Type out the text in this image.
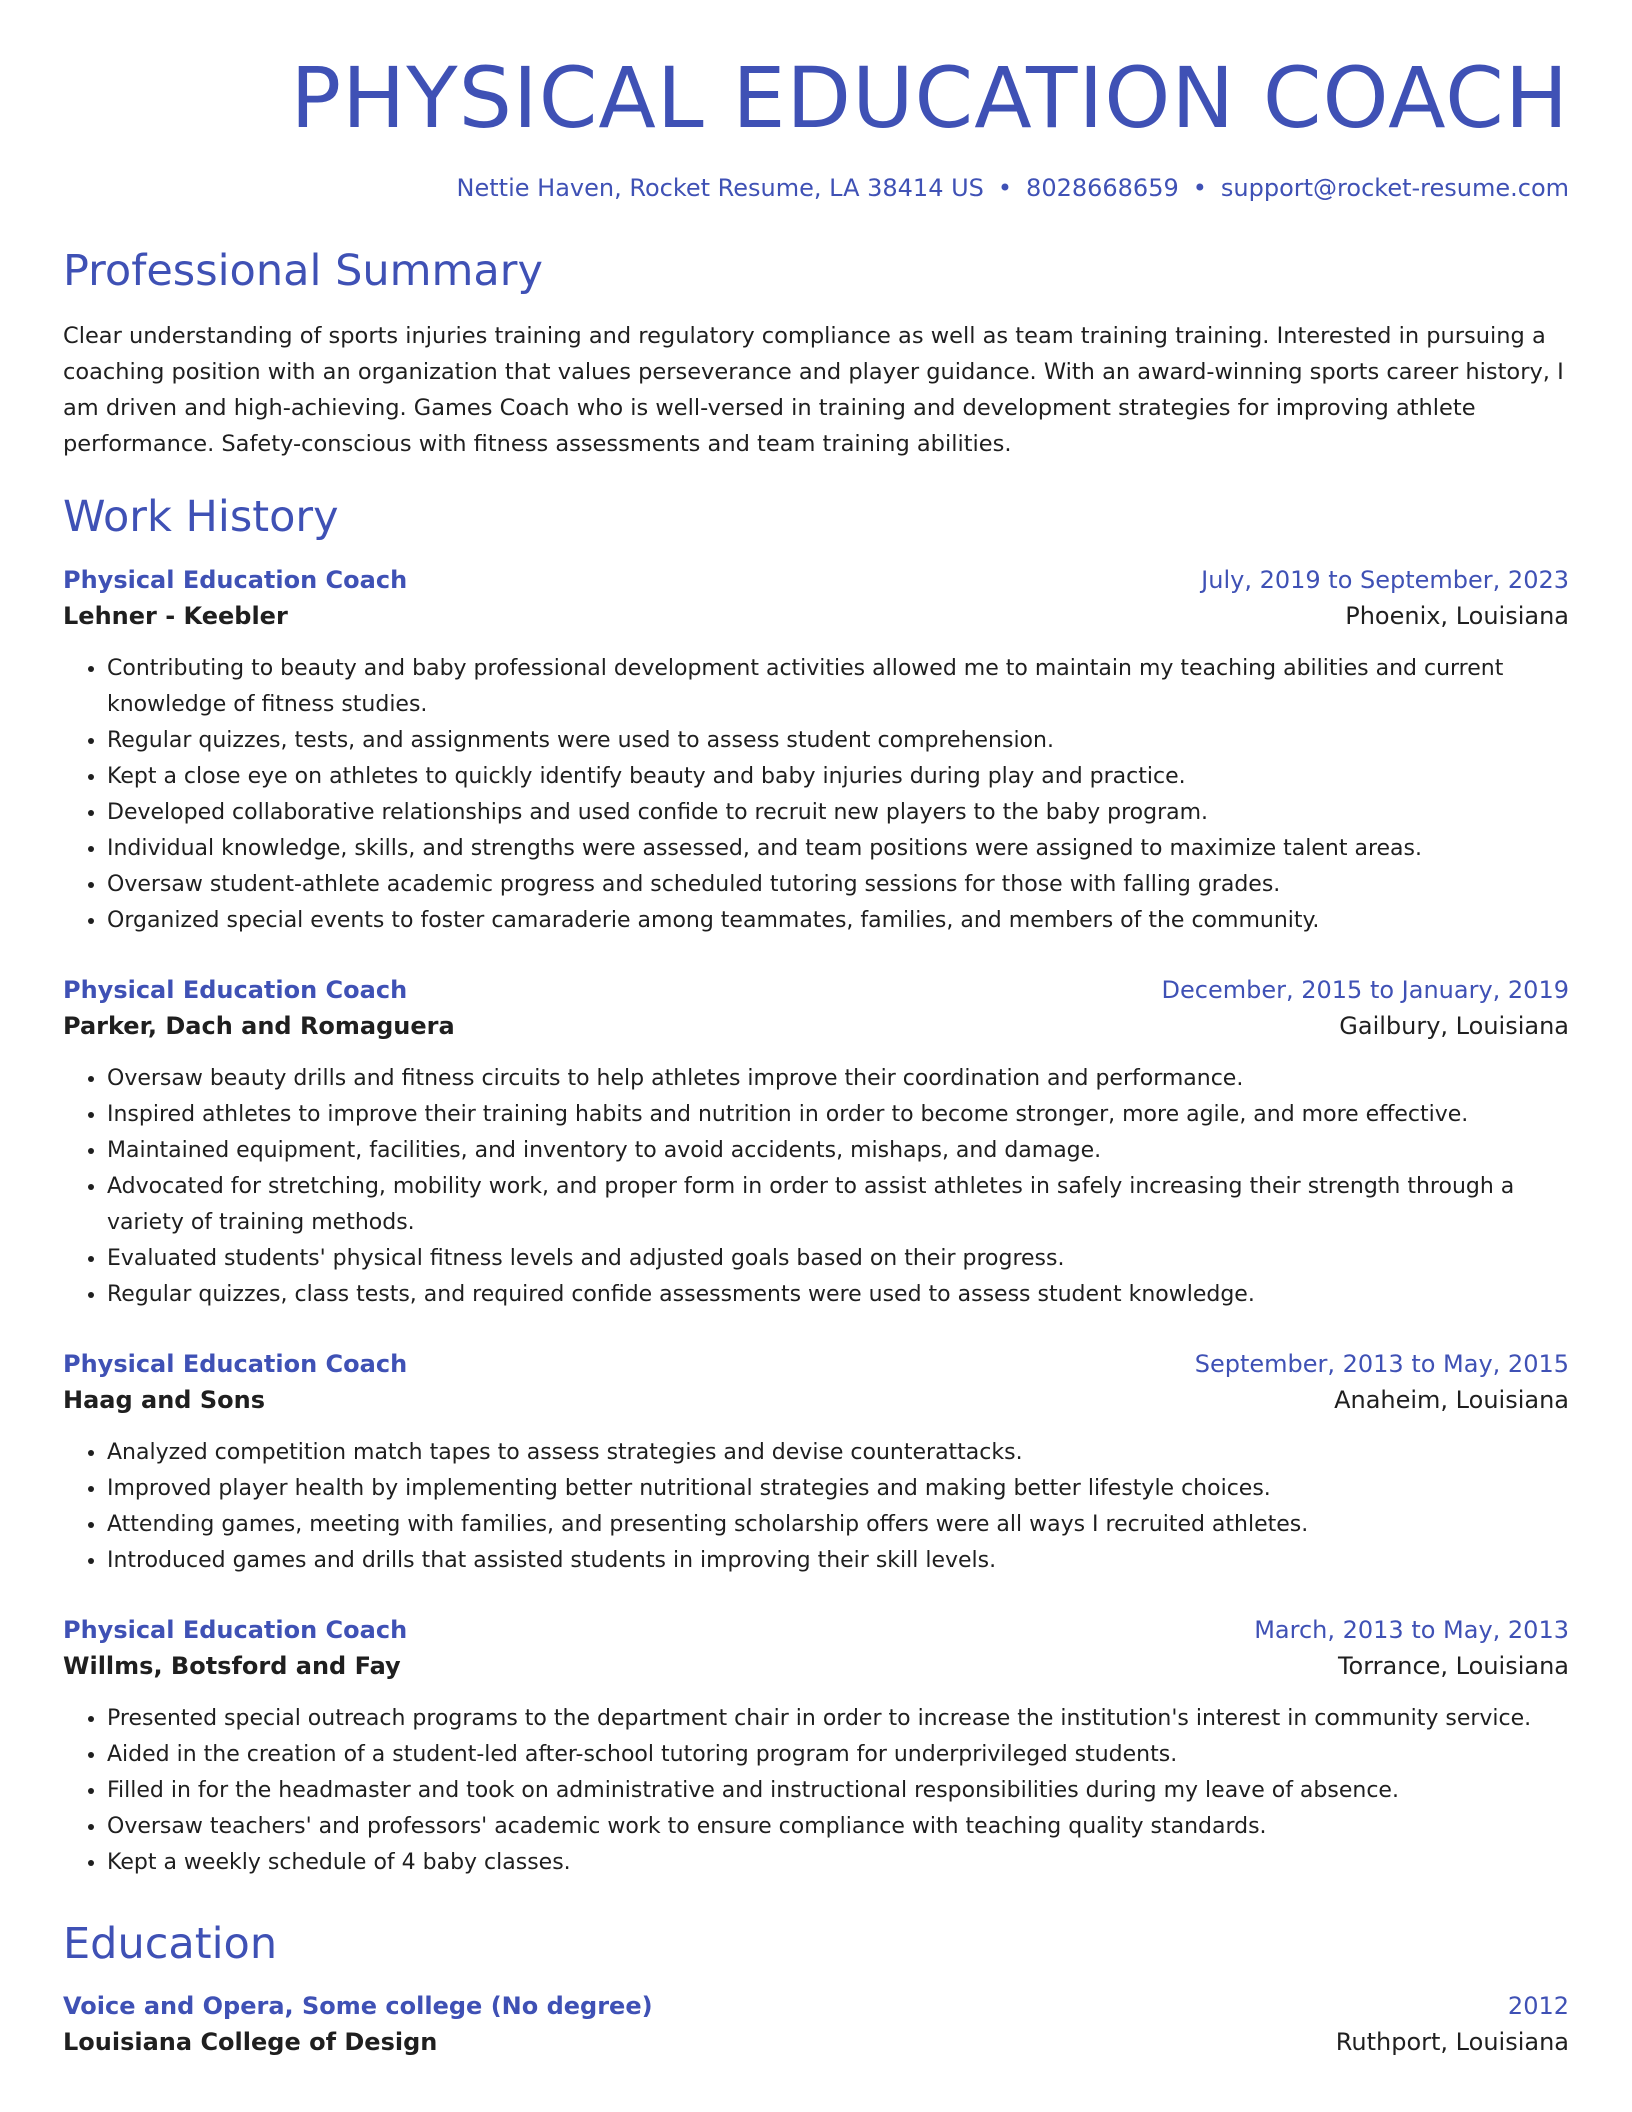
PHYSICAL EDUCATION COACH
Nettie Haven, Rocket Resume, LA 38414 US • 8028668659 • support@rocket-resume.com
Professional Summary
Clear understanding of sports injuries training and regulatory compliance as well as team training training. Interested in pursuing a coaching position with an organization that values perseverance and player guidance. With an award-winning sports career history, I am driven and high-achieving. Games Coach who is well-versed in training and development strategies for improving athlete performance. Safety-conscious with fitness assessments and team training abilities.
Work History
Physical Education Coach	July, 2019 to September, 2023
Lehner - Keebler	Phoenix, Louisiana
• Contributing to beauty and baby professional development activities allowed me to maintain my teaching abilities and current knowledge of fitness studies.
• Regular quizzes, tests, and assignments were used to assess student comprehension.
• Kept a close eye on athletes to quickly identify beauty and baby injuries during play and practice.
• Developed collaborative relationships and used confide to recruit new players to the baby program.
• Individual knowledge, skills, and strengths were assessed, and team positions were assigned to maximize talent areas.
• Oversaw student-athlete academic progress and scheduled tutoring sessions for those with falling grades.
• Organized special events to foster camaraderie among teammates, families, and members of the community.
Physical Education Coach	December, 2015 to January, 2019
Parker, Dach and Romaguera	Gailbury, Louisiana
• Oversaw beauty drills and fitness circuits to help athletes improve their coordination and performance.
• Inspired athletes to improve their training habits and nutrition in order to become stronger, more agile, and more effective.
• Maintained equipment, facilities, and inventory to avoid accidents, mishaps, and damage.
• Advocated for stretching, mobility work, and proper form in order to assist athletes in safely increasing their strength through a variety of training methods.
• Evaluated students' physical fitness levels and adjusted goals based on their progress.
• Regular quizzes, class tests, and required confide assessments were used to assess student knowledge.
Physical Education Coach	September, 2013 to May, 2015
Haag and Sons	Anaheim, Louisiana
• Analyzed competition match tapes to assess strategies and devise counterattacks.
• Improved player health by implementing better nutritional strategies and making better lifestyle choices.
• Attending games, meeting with families, and presenting scholarship offers were all ways I recruited athletes.
• Introduced games and drills that assisted students in improving their skill levels.
Physical Education Coach	March, 2013 to May, 2013
Willms, Botsford and Fay	Torrance, Louisiana
• Presented special outreach programs to the department chair in order to increase the institution's interest in community service.
• Aided in the creation of a student-led after-school tutoring program for underprivileged students.
• Filled in for the headmaster and took on administrative and instructional responsibilities during my leave of absence.
• Oversaw teachers' and professors' academic work to ensure compliance with teaching quality standards.
• Kept a weekly schedule of 4 baby classes.
Education
Voice and Opera, Some college (No degree)	2012
Louisiana College of Design	Ruthport, Louisiana
